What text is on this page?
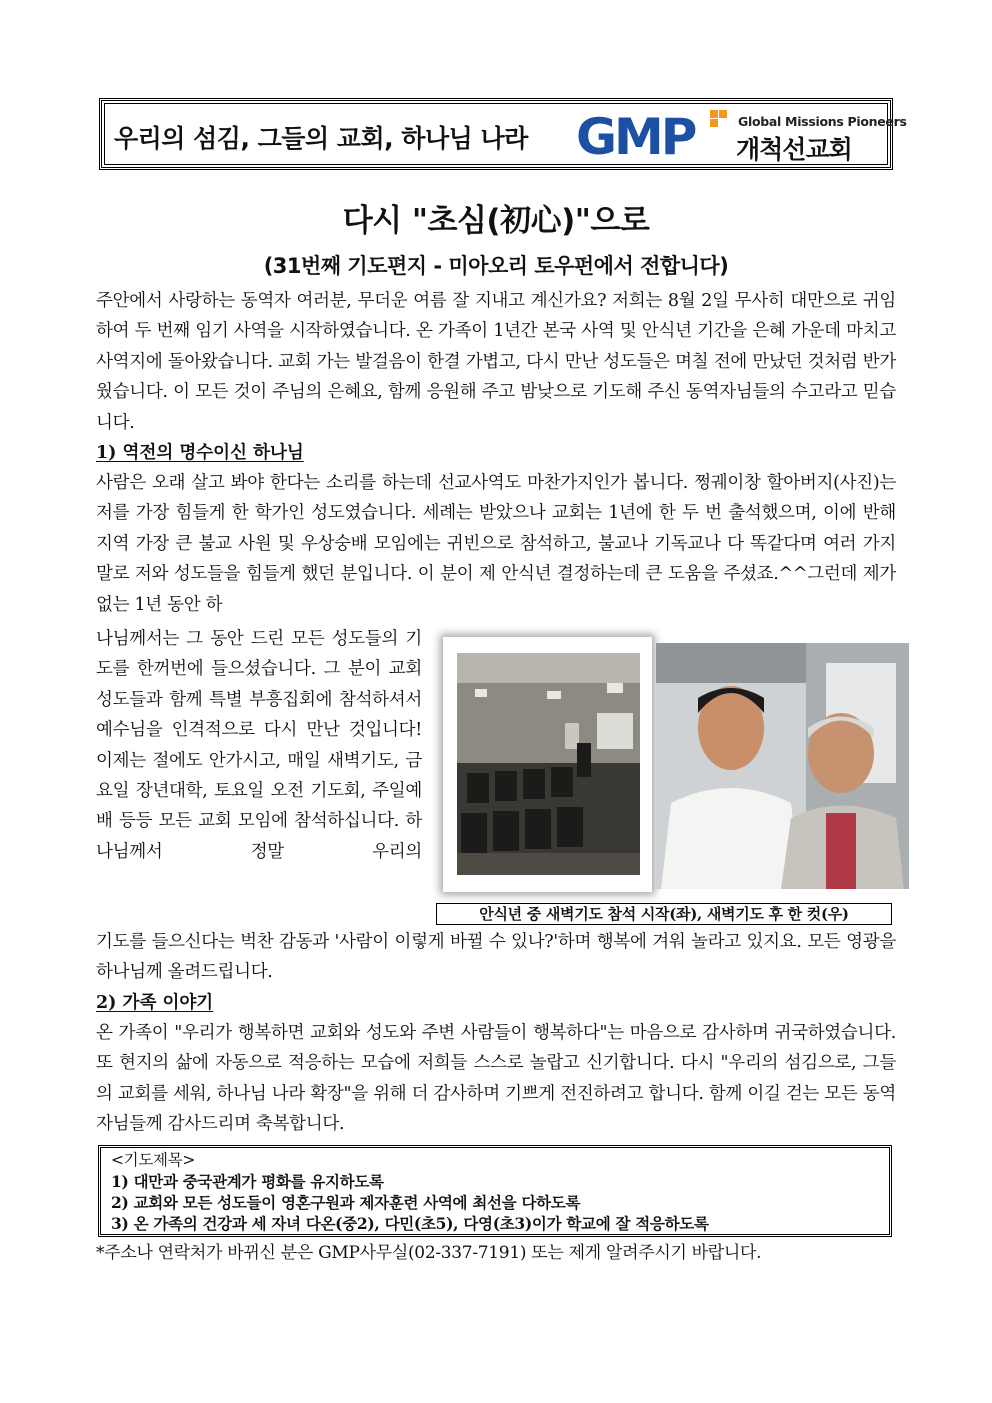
우리의 섬김, 그들의 교회, 하나님 나라 GMP	Global Missions Pioneers
개척선교회
다시 "초심(初心)"으로
(31번째 기도편지 - 미아오리 토우펀에서 전합니다)

주안에서 사랑하는 동역자 여러분, 무더운 여름 잘 지내고 계신가요? 저희는 8월 2일 무사히 대만으로 귀임하여 두 번째 임기 사역을 시작하였습니다. 온 가족이 1년간 본국 사역 및 안식년 기간을 은혜 가운데 마치고 사역지에 돌아왔습니다. 교회 가는 발걸음이 한결 가볍고, 다시 만난 성도들은 며칠 전에 만났던 것처럼 반가웠습니다. 이 모든 것이 주님의 은혜요, 함께 응원해 주고 밤낮으로 기도해 주신 동역자님들의 수고라고 믿습니다.

1) 역전의 명수이신 하나님

사람은 오래 살고 봐야 한다는 소리를 하는데 선교사역도 마찬가지인가 봅니다. 쩡궤이창 할아버지(사진)는 저를 가장 힘들게 한 학가인 성도였습니다. 세례는 받았으나 교회는 1년에 한 두 번 출석했으며, 이에 반해 지역 가장 큰 불교 사원 및 우상숭배 모임에는 귀빈으로 참석하고, 불교나 기독교나 다 똑같다며 여러 가지 말로 저와 성도들을 힘들게 했던 분입니다. 이 분이 제 안식년 결정하는데 큰 도움을 주셨죠.^^그런데 제가 없는 1년 동안 하

나님께서는 그 동안 드린 모든 성도들의 기도를 한꺼번에 들으셨습니다. 그 분이 교회 성도들과 함께 특별 부흥집회에 참석하셔서 예수님을 인격적으로 다시 만난 것입니다! 이제는 절에도 안가시고, 매일 새벽기도, 금요일 장년대학, 토요일 오전 기도회, 주일예배 등등 모든 교회 모임에 참석하십니다. 하나님께서 정말 우리의

안식년 중 새벽기도 참석 시작(좌), 새벽기도 후 한 컷(우)

기도를 들으신다는 벅찬 감동과 '사람이 이렇게 바뀔 수 있나?'하며 행복에 겨워 놀라고 있지요. 모든 영광을 하나님께 올려드립니다.

2) 가족 이야기

온 가족이 "우리가 행복하면 교회와 성도와 주변 사람들이 행복하다"는 마음으로 감사하며 귀국하였습니다. 또 현지의 삶에 자동으로 적응하는 모습에 저희들 스스로 놀랍고 신기합니다. 다시 "우리의 섬김으로, 그들의 교회를 세워, 하나님 나라 확장"을 위해 더 감사하며 기쁘게 전진하려고 합니다. 함께 이길 걷는 모든 동역자님들께 감사드리며 축복합니다.

<기도제목>
1) 대만과 중국관계가 평화를 유지하도록
2) 교회와 모든 성도들이 영혼구원과 제자훈련 사역에 최선을 다하도록
3) 온 가족의 건강과 세 자녀 다온(중2), 다민(초5), 다영(초3)이가 학교에 잘 적응하도록
*주소나 연락처가 바뀌신 분은 GMP사무실(02-337-7191) 또는 제게 알려주시기 바랍니다.
